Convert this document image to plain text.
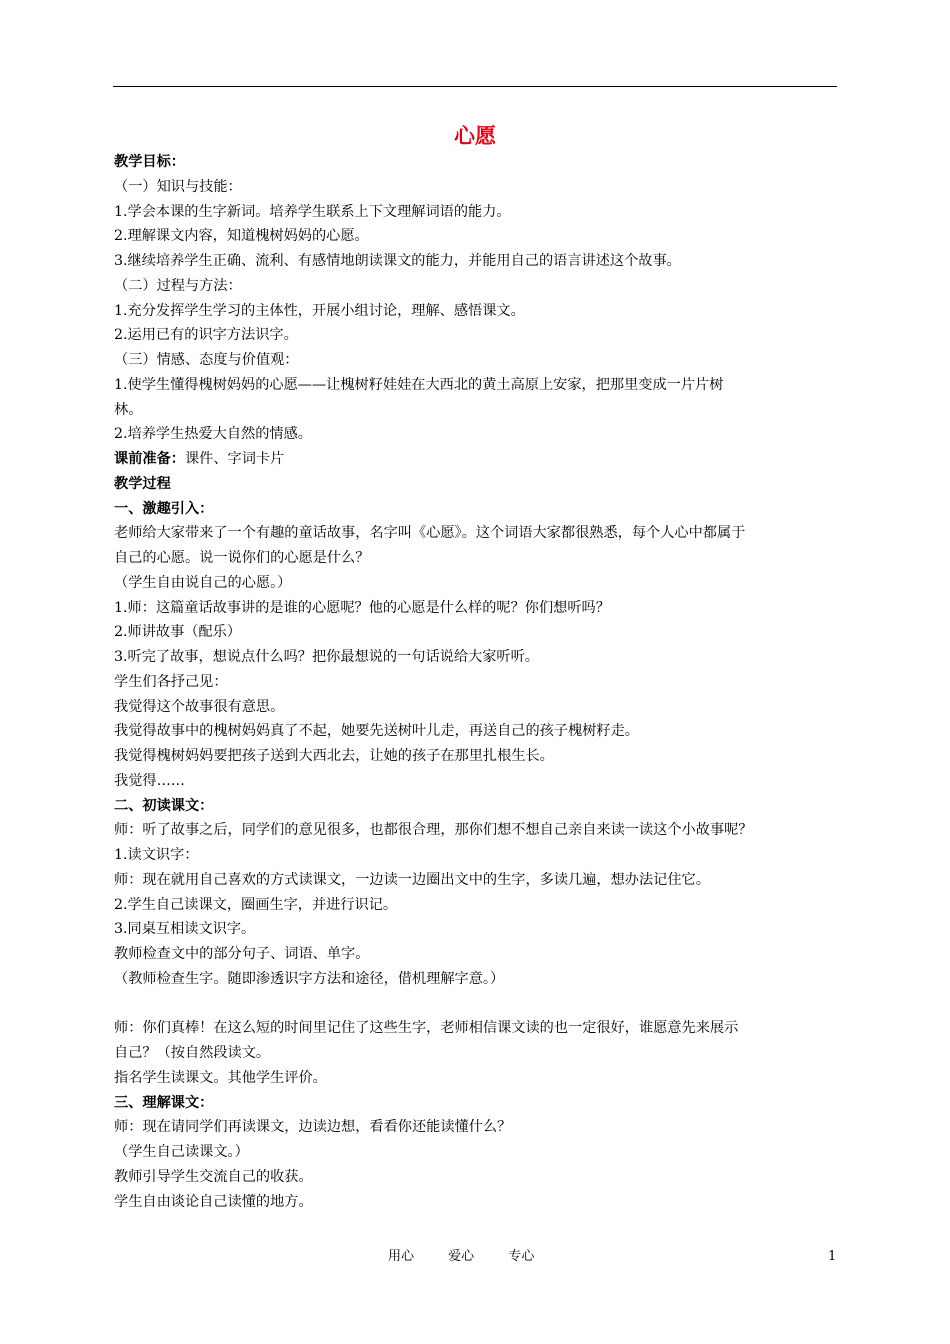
心愿
教学目标：
（一）知识与技能：
1.学会本课的生字新词。培养学生联系上下文理解词语的能力。
2.理解课文内容，知道槐树妈妈的心愿。
3.继续培养学生正确、流利、有感情地朗读课文的能力，并能用自己的语言讲述这个故事。
（二）过程与方法：
1.充分发挥学生学习的主体性，开展小组讨论，理解、感悟课文。
2.运用已有的识字方法识字。
（三）情感、态度与价值观：
1.使学生懂得槐树妈妈的心愿——让槐树籽娃娃在大西北的黄土高原上安家，把那里变成一片片树
林。
2.培养学生热爱大自然的情感。
课前准备：课件、字词卡片
教学过程
一、激趣引入：
老师给大家带来了一个有趣的童话故事，名字叫《心愿》。这个词语大家都很熟悉，每个人心中都属于
自己的心愿。说一说你们的心愿是什么？
（学生自由说自己的心愿。）
1.师：这篇童话故事讲的是谁的心愿呢？他的心愿是什么样的呢？你们想听吗？
2.师讲故事（配乐）
3.听完了故事，想说点什么吗？把你最想说的一句话说给大家听听。
学生们各抒己见：
我觉得这个故事很有意思。
我觉得故事中的槐树妈妈真了不起，她要先送树叶儿走，再送自己的孩子槐树籽走。
我觉得槐树妈妈要把孩子送到大西北去，让她的孩子在那里扎根生长。
我觉得……
二、初读课文：
师：听了故事之后，同学们的意见很多，也都很合理，那你们想不想自己亲自来读一读这个小故事呢？
1.读文识字：
师：现在就用自己喜欢的方式读课文，一边读一边圈出文中的生字，多读几遍，想办法记住它。
2.学生自己读课文，圈画生字，并进行识记。
3.同桌互相读文识字。
教师检查文中的部分句子、词语、单字。
（教师检查生字。随即渗透识字方法和途径，借机理解字意。）
师：你们真棒！在这么短的时间里记住了这些生字，老师相信课文读的也一定很好，谁愿意先来展示
自己？（按自然段读文。
指名学生读课文。其他学生评价。
三、理解课文：
师：现在请同学们再读课文，边读边想，看看你还能读懂什么？
（学生自己读课文。）
教师引导学生交流自己的收获。
学生自由谈论自己读懂的地方。
用心	爱心	专心	1
